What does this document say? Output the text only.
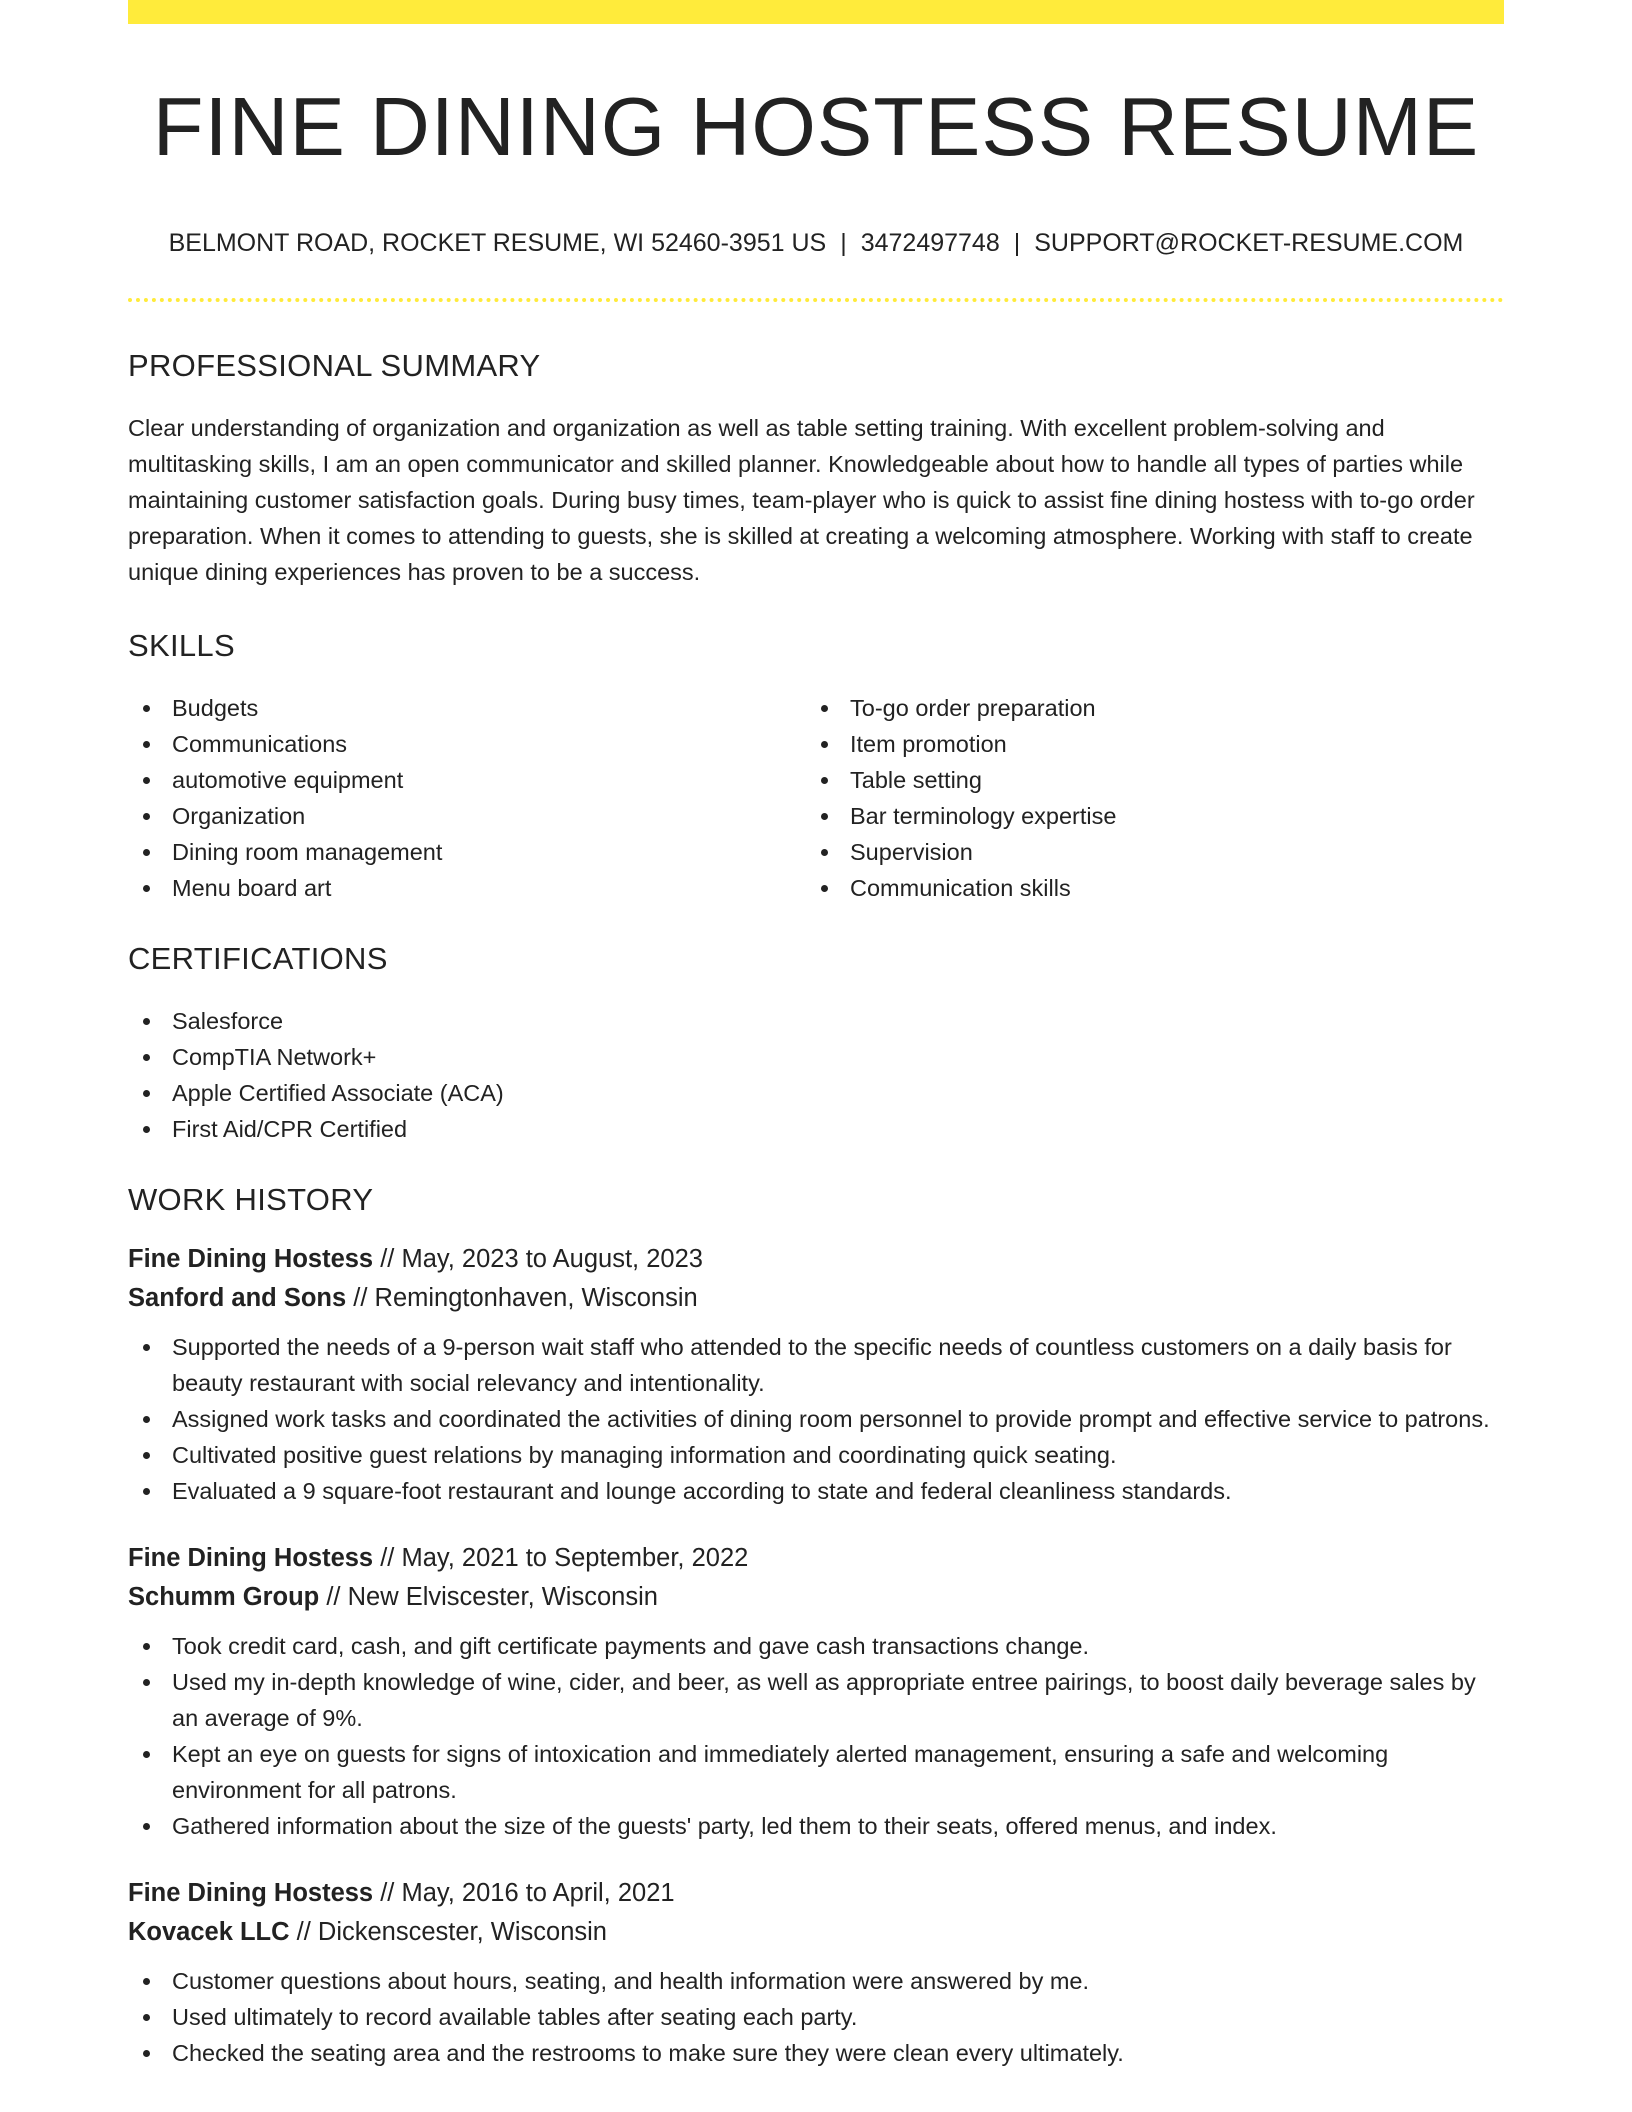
FINE DINING HOSTESS RESUME
BELMONT ROAD, ROCKET RESUME, WI 52460-3951 US | 3472497748 | SUPPORT@ROCKET-RESUME.COM
PROFESSIONAL SUMMARY

Clear understanding of organization and organization as well as table setting training. With excellent problem-solving and multitasking skills, I am an open communicator and skilled planner. Knowledgeable about how to handle all types of parties while maintaining customer satisfaction goals. During busy times, team-player who is quick to assist fine dining hostess with to-go order preparation. When it comes to attending to guests, she is skilled at creating a welcoming atmosphere. Working with staff to create unique dining experiences has proven to be a success.

SKILLS
Budgets
Communications
automotive equipment
Organization
Dining room management
Menu board art
To-go order preparation
Item promotion
Table setting
Bar terminology expertise
Supervision
Communication skills
CERTIFICATIONS
Salesforce
CompTIA Network+
Apple Certified Associate (ACA)
First Aid/CPR Certified
WORK HISTORY
Fine Dining Hostess // May, 2023 to August, 2023
Sanford and Sons // Remingtonhaven, Wisconsin
Supported the needs of a 9-person wait staff who attended to the specific needs of countless customers on a daily basis for beauty restaurant with social relevancy and intentionality.
Assigned work tasks and coordinated the activities of dining room personnel to provide prompt and effective service to patrons.
Cultivated positive guest relations by managing information and coordinating quick seating.
Evaluated a 9 square-foot restaurant and lounge according to state and federal cleanliness standards.
Fine Dining Hostess // May, 2021 to September, 2022
Schumm Group // New Elviscester, Wisconsin
Took credit card, cash, and gift certificate payments and gave cash transactions change.
Used my in-depth knowledge of wine, cider, and beer, as well as appropriate entree pairings, to boost daily beverage sales by an average of 9%.
Kept an eye on guests for signs of intoxication and immediately alerted management, ensuring a safe and welcoming environment for all patrons.
Gathered information about the size of the guests' party, led them to their seats, offered menus, and index.
Fine Dining Hostess // May, 2016 to April, 2021
Kovacek LLC // Dickenscester, Wisconsin
Customer questions about hours, seating, and health information were answered by me.
Used ultimately to record available tables after seating each party.
Checked the seating area and the restrooms to make sure they were clean every ultimately.
